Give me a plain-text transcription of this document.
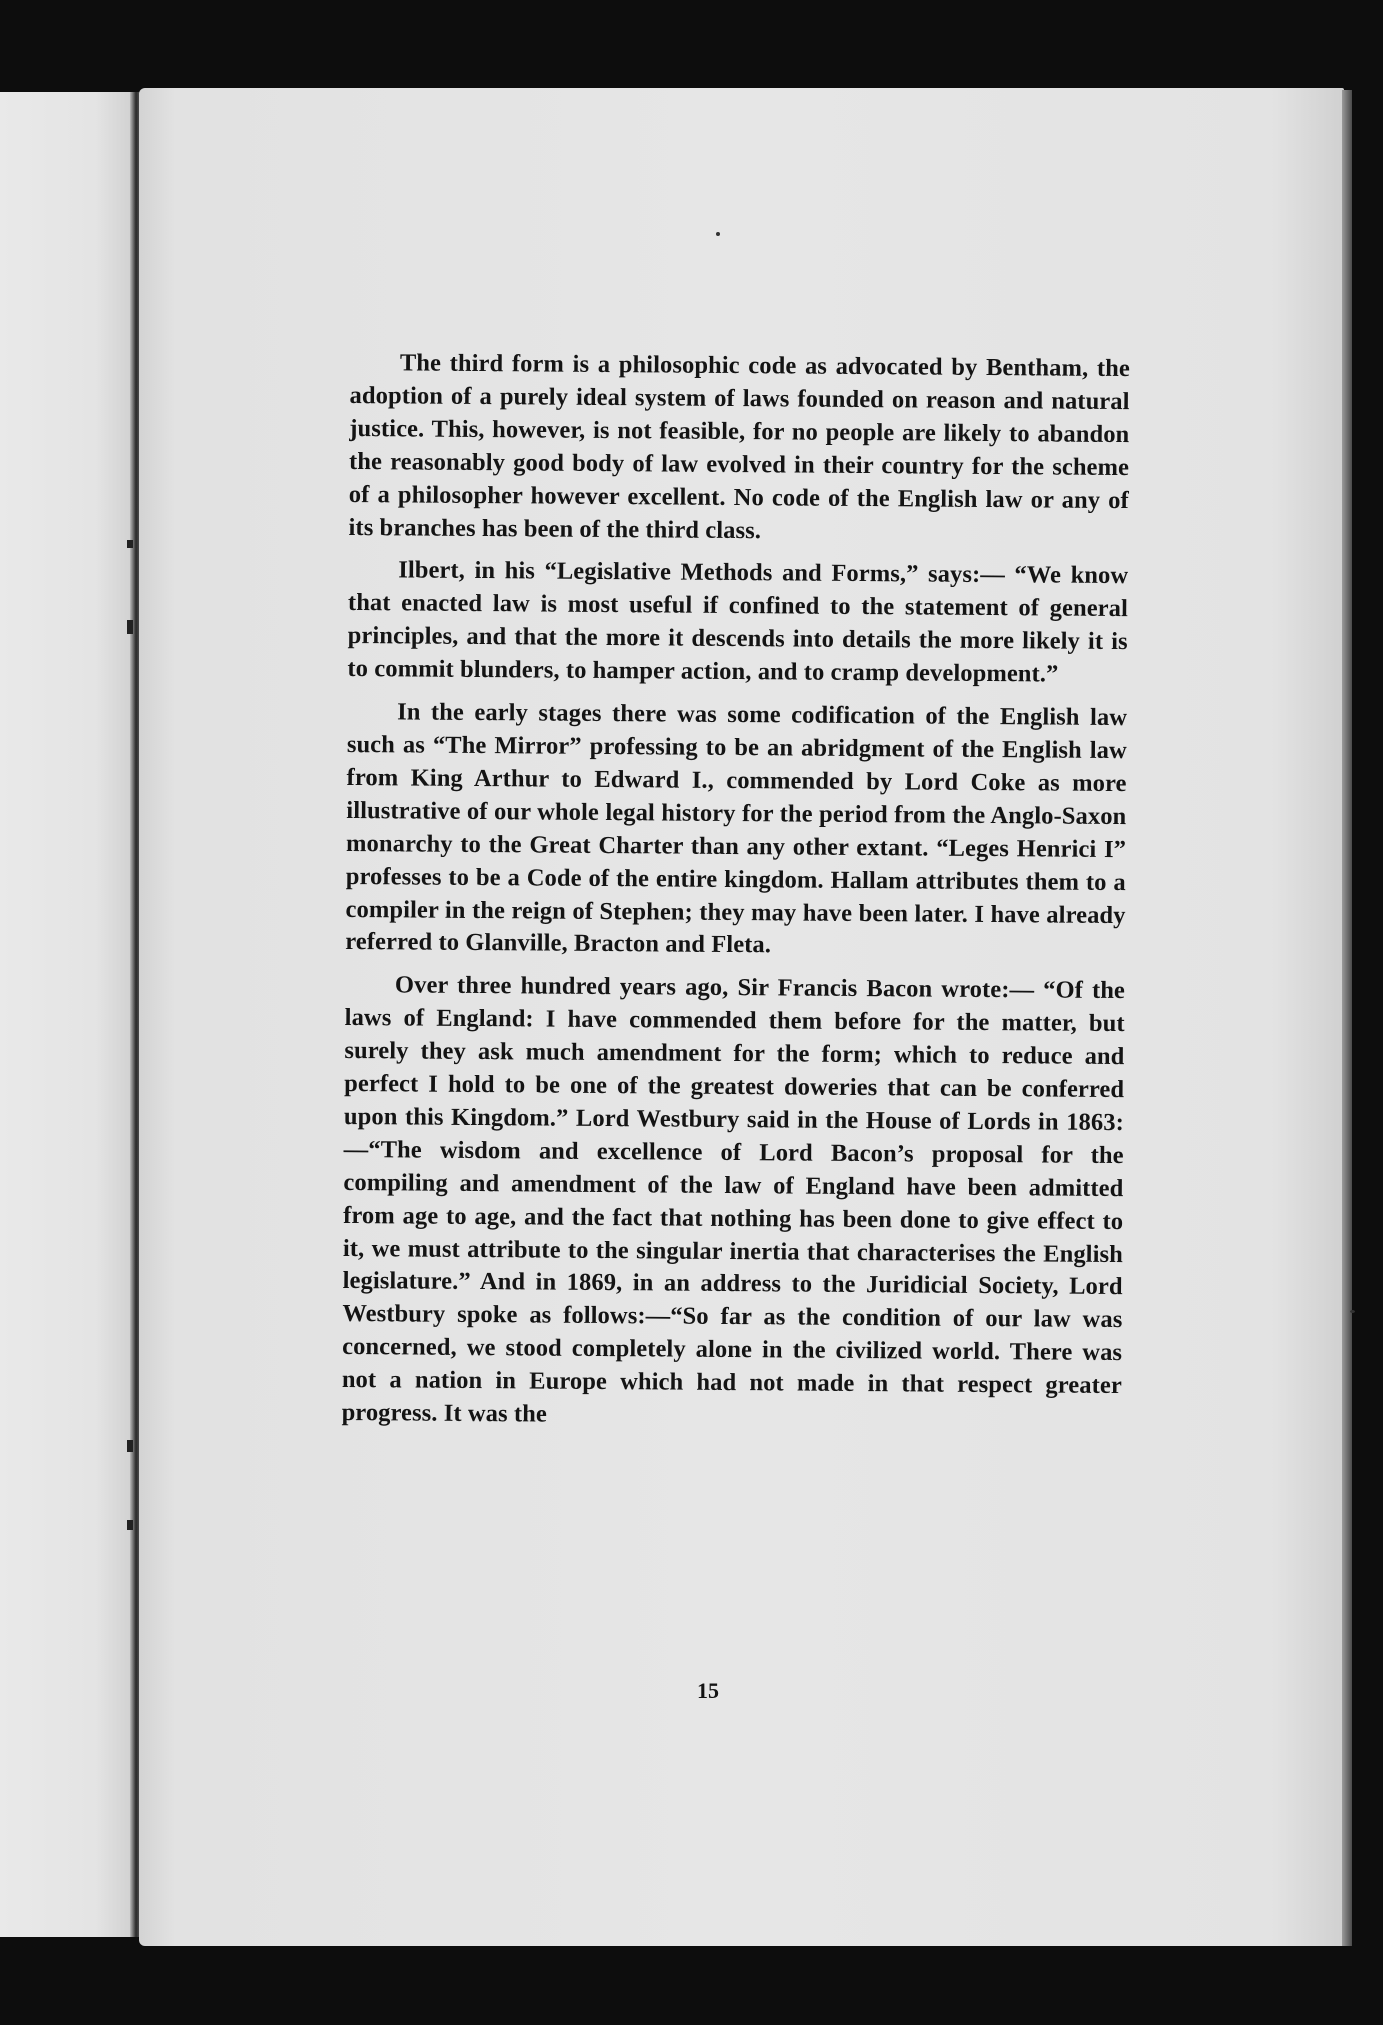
The third form is a philosophic code as advocated by Bentham, the adoption of a purely ideal system of laws founded on reason and natural justice. This, however, is not feasible, for no people are likely to abandon the reasonably good body of law evolved in their country for the scheme of a philosopher however excellent. No code of the English law or any of its branches has been of the third class.

Ilbert, in his “Legislative Methods and Forms,” says:— “We know that enacted law is most useful if confined to the statement of general principles, and that the more it descends into details the more likely it is to commit blunders, to hamper action, and to cramp development.”

In the early stages there was some codification of the English law such as “The Mirror” professing to be an abridgment of the English law from King Arthur to Edward I., commended by Lord Coke as more illustrative of our whole legal history for the period from the Anglo-Saxon monarchy to the Great Charter than any other extant. “Leges Henrici I” professes to be a Code of the entire kingdom. Hallam attributes them to a compiler in the reign of Stephen; they may have been later. I have already referred to Glanville, Bracton and Fleta.

Over three hundred years ago, Sir Francis Bacon wrote:— “Of the laws of England: I have commended them before for the matter, but surely they ask much amendment for the form; which to reduce and perfect I hold to be one of the greatest doweries that can be conferred upon this Kingdom.” Lord Westbury said in the House of Lords in 1863:—“The wisdom and excellence of Lord Bacon’s proposal for the compiling and amendment of the law of England have been admitted from age to age, and the fact that nothing has been done to give effect to it, we must attribute to the singular inertia that characterises the English legislature.” And in 1869, in an address to the Juridicial Society, Lord Westbury spoke as follows:—“So far as the condition of our law was concerned, we stood completely alone in the civilized world. There was not a nation in Europe which had not made in that respect greater progress. It was the

15
